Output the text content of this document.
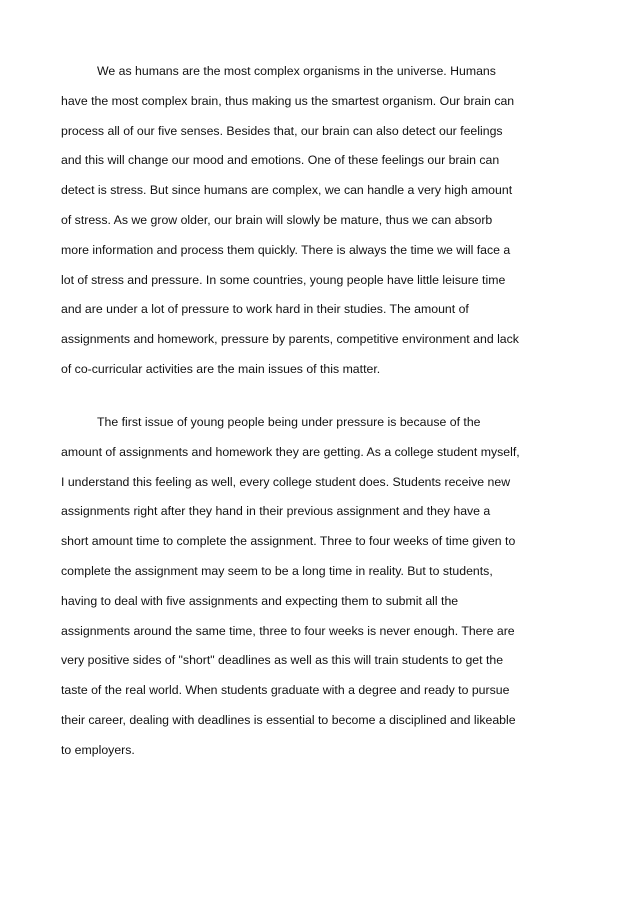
We as humans are the most complex organisms in the universe. Humans
have the most complex brain, thus making us the smartest organism. Our brain can
process all of our five senses. Besides that, our brain can also detect our feelings
and this will change our mood and emotions. One of these feelings our brain can
detect is stress. But since humans are complex, we can handle a very high amount
of stress. As we grow older, our brain will slowly be mature, thus we can absorb
more information and process them quickly. There is always the time we will face a
lot of stress and pressure. In some countries, young people have little leisure time
and are under a lot of pressure to work hard in their studies. The amount of
assignments and homework, pressure by parents, competitive environment and lack
of co-curricular activities are the main issues of this matter.
The first issue of young people being under pressure is because of the
amount of assignments and homework they are getting. As a college student myself,
I understand this feeling as well, every college student does. Students receive new
assignments right after they hand in their previous assignment and they have a
short amount time to complete the assignment. Three to four weeks of time given to
complete the assignment may seem to be a long time in reality. But to students,
having to deal with five assignments and expecting them to submit all the
assignments around the same time, three to four weeks is never enough. There are
very positive sides of "short" deadlines as well as this will train students to get the
taste of the real world. When students graduate with a degree and ready to pursue
their career, dealing with deadlines is essential to become a disciplined and likeable
to employers.
